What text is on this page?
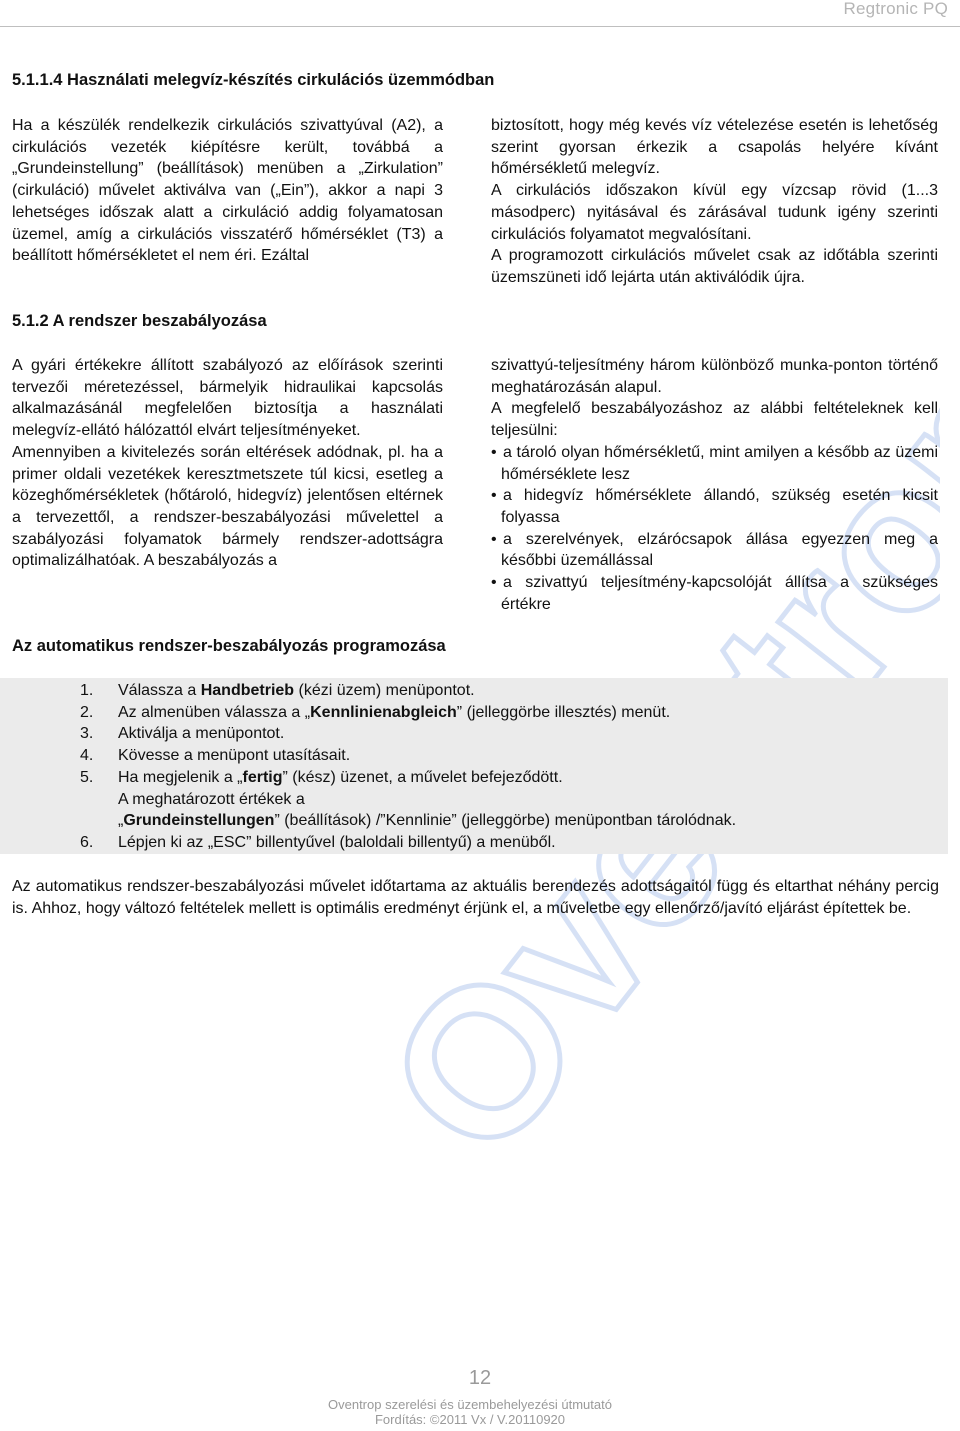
Regtronic PQ
5.1.1.4 Használati melegvíz-készítés cirkulációs üzemmódban

Ha a készülék rendelkezik cirkulációs szivattyúval (A2), a cirkulációs vezeték kiépítésre került, továbbá a „Grundeinstellung” (beállítások) menüben a „Zirkulation” (cirkuláció) művelet aktiválva van („Ein”), akkor a napi 3 lehetséges időszak alatt a cirkuláció addig folyamatosan üzemel, amíg a cirkulációs visszatérő hőmérséklet (T3) a beállított hőmérsékletet el nem éri. Ezáltal

biztosított, hogy még kevés víz vételezése esetén is lehetőség szerint gyorsan érkezik a csapolás helyére kívánt hőmérsékletű melegvíz.

A cirkulációs időszakon kívül egy vízcsap rövid (1...3 másodperc) nyitásával és zárásával tudunk igény szerinti cirkulációs folyamatot megvalósítani.

A programozott cirkulációs művelet csak az időtábla szerinti üzemszüneti idő lejárta után aktiválódik újra.

5.1.2 A rendszer beszabályozása

A gyári értékekre állított szabályozó az előírások szerinti tervezői méretezéssel, bármelyik hidraulikai kapcsolás alkalmazásánál megfelelően biztosítja a használati melegvíz-ellátó hálózattól elvárt teljesítményeket.

Amennyiben a kivitelezés során eltérések adódnak, pl. ha a primer oldali vezetékek keresztmetszete túl kicsi, esetleg a közeghőmérsékletek (hőtároló, hidegvíz) jelentősen eltérnek a tervezettől, a rendszer-beszabályozási művelettel a szabályozási folyamatok bármely rendszer-adottságra optimalizálhatóak. A beszabályozás a

szivattyú-teljesítmény három különböző munka-ponton történő meghatározásán alapul.

A megfelelő beszabályozáshoz az alábbi feltételeknek kell teljesülni:

• a tároló olyan hőmérsékletű, mint amilyen a később az üzemi hőmérséklete lesz
• a hidegvíz hőmérséklete állandó, szükség esetén kicsit folyassa
• a szerelvények, elzárócsapok állása egyezzen meg a későbbi üzemállással
• a szivattyú teljesítmény-kapcsolóját állítsa a szükséges értékre
Az automatikus rendszer-beszabályozás programozása
1.	Válassza a Handbetrieb (kézi üzem) menüpontot.
2.	Az almenüben válassza a „Kennlinienabgleich” (jelleggörbe illesztés) menüt.
3.	Aktiválja a menüpontot.
4.	Kövesse a menüpont utasításait.
5.	Ha megjelenik a „fertig” (kész) üzenet, a művelet befejeződött.
A meghatározott értékek a
„Grundeinstellungen” (beállítások) /”Kennlinie” (jelleggörbe) menüpontban tárolódnak.
6.	Lépjen ki az „ESC” billentyűvel (baloldali billentyű) a menüből.

Az automatikus rendszer-beszabályozási művelet időtartama az aktuális berendezés adottságaitól függ és eltarthat néhány percig is. Ahhoz, hogy változó feltételek mellett is optimális eredményt érjünk el, a műveletbe egy ellenőrző/javító eljárást építettek be.

12
Oventrop szerelési és üzembehelyezési útmutató
Fordítás: ©2011 Vx / V.20110920
